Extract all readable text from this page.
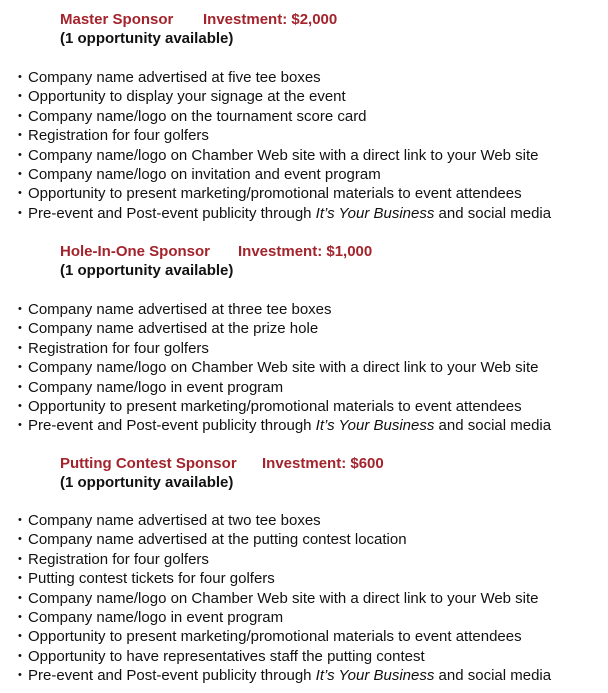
Master Sponsor Investment: $2,000
(1 opportunity available)
• Company name advertised at five tee boxes
• Opportunity to display your signage at the event
• Company name/logo on the tournament score card
• Registration for four golfers
• Company name/logo on Chamber Web site with a direct link to your Web site
• Company name/logo on invitation and event program
• Opportunity to present marketing/promotional materials to event attendees
• Pre-event and Post-event publicity through It’s Your Business and social media
Hole-In-One Sponsor Investment: $1,000
(1 opportunity available)
• Company name advertised at three tee boxes
• Company name advertised at the prize hole
• Registration for four golfers
• Company name/logo on Chamber Web site with a direct link to your Web site
• Company name/logo in event program
• Opportunity to present marketing/promotional materials to event attendees
• Pre-event and Post-event publicity through It’s Your Business and social media
Putting Contest Sponsor Investment: $600
(1 opportunity available)
• Company name advertised at two tee boxes
• Company name advertised at the putting contest location
• Registration for four golfers
• Putting contest tickets for four golfers
• Company name/logo on Chamber Web site with a direct link to your Web site
• Company name/logo in event program
• Opportunity to present marketing/promotional materials to event attendees
• Opportunity to have representatives staff the putting contest
• Pre-event and Post-event publicity through It’s Your Business and social media
